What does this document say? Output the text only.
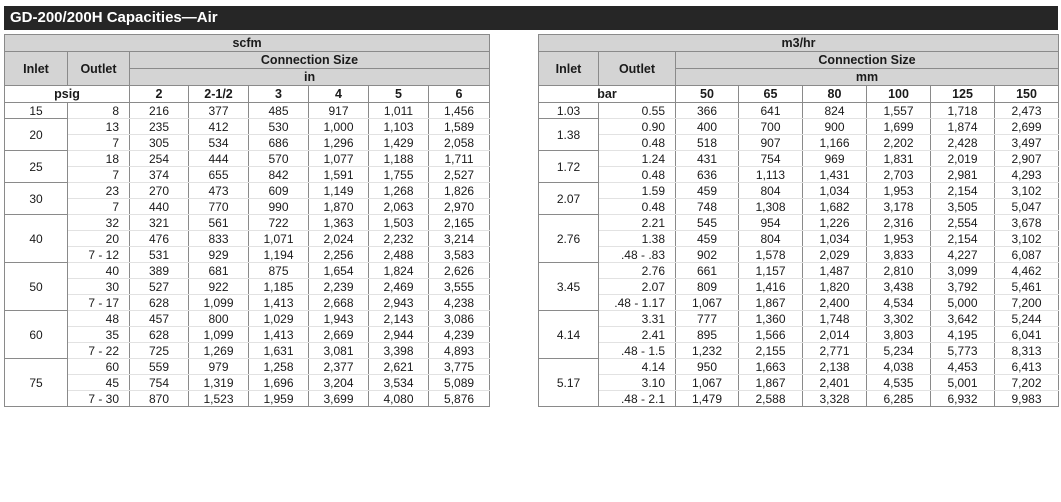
GD-200/200H Capacities—Air
scfm							
Inlet	Outlet	Connection Size					
		in					
psig		2	2-1/2	3	4	5	6
15	8	216	377	485	917	1,011	1,456
20	13	235	412	530	1,000	1,103	1,589
	7	305	534	686	1,296	1,429	2,058
25	18	254	444	570	1,077	1,188	1,711
	7	374	655	842	1,591	1,755	2,527
30	23	270	473	609	1,149	1,268	1,826
	7	440	770	990	1,870	2,063	2,970
40	32	321	561	722	1,363	1,503	2,165
	20	476	833	1,071	2,024	2,232	3,214
	7 - 12	531	929	1,194	2,256	2,488	3,583
50	40	389	681	875	1,654	1,824	2,626
	30	527	922	1,185	2,239	2,469	3,555
	7 - 17	628	1,099	1,413	2,668	2,943	4,238
60	48	457	800	1,029	1,943	2,143	3,086
	35	628	1,099	1,413	2,669	2,944	4,239
	7 - 22	725	1,269	1,631	3,081	3,398	4,893
75	60	559	979	1,258	2,377	2,621	3,775
	45	754	1,319	1,696	3,204	3,534	5,089
	7 - 30	870	1,523	1,959	3,699	4,080	5,876
m3/hr							
Inlet	Outlet	Connection Size					
		mm					
bar		50	65	80	100	125	150
1.03	0.55	366	641	824	1,557	1,718	2,473
1.38	0.90	400	700	900	1,699	1,874	2,699
	0.48	518	907	1,166	2,202	2,428	3,497
1.72	1.24	431	754	969	1,831	2,019	2,907
	0.48	636	1,113	1,431	2,703	2,981	4,293
2.07	1.59	459	804	1,034	1,953	2,154	3,102
	0.48	748	1,308	1,682	3,178	3,505	5,047
2.76	2.21	545	954	1,226	2,316	2,554	3,678
	1.38	459	804	1,034	1,953	2,154	3,102
	.48 - .83	902	1,578	2,029	3,833	4,227	6,087
3.45	2.76	661	1,157	1,487	2,810	3,099	4,462
	2.07	809	1,416	1,820	3,438	3,792	5,461
	.48 - 1.17	1,067	1,867	2,400	4,534	5,000	7,200
4.14	3.31	777	1,360	1,748	3,302	3,642	5,244
	2.41	895	1,566	2,014	3,803	4,195	6,041
	.48 - 1.5	1,232	2,155	2,771	5,234	5,773	8,313
5.17	4.14	950	1,663	2,138	4,038	4,453	6,413
	3.10	1,067	1,867	2,401	4,535	5,001	7,202
	.48 - 2.1	1,479	2,588	3,328	6,285	6,932	9,983
